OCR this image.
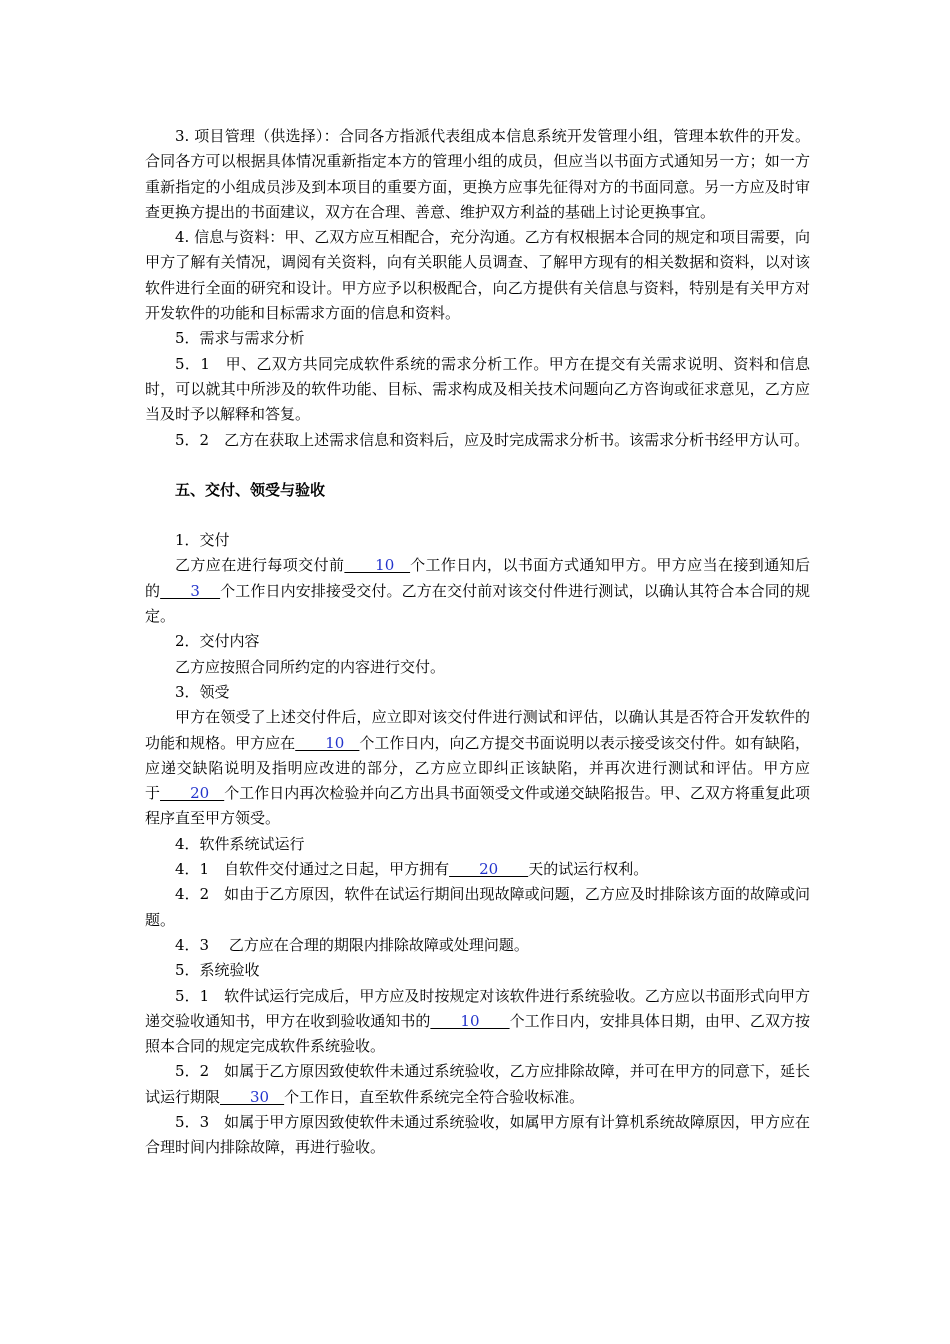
3. 项目管理（供选择）：合同各方指派代表组成本信息系统开发管理小组，管理本软件的开发。合同各方可以根据具体情况重新指定本方的管理小组的成员，但应当以书面方式通知另一方；如一方重新指定的小组成员涉及到本项目的重要方面，更换方应事先征得对方的书面同意。另一方应及时审查更换方提出的书面建议，双方在合理、善意、维护双方利益的基础上讨论更换事宜。

4. 信息与资料：甲、乙双方应互相配合，充分沟通。乙方有权根据本合同的规定和项目需要，向甲方了解有关情况，调阅有关资料，向有关职能人员调查、了解甲方现有的相关数据和资料，以对该软件进行全面的研究和设计。甲方应予以积极配合，向乙方提供有关信息与资料，特别是有关甲方对开发软件的功能和目标需求方面的信息和资料。

5．需求与需求分析

5．1　甲、乙双方共同完成软件系统的需求分析工作。甲方在提交有关需求说明、资料和信息时，可以就其中所涉及的软件功能、目标、需求构成及相关技术问题向乙方咨询或征求意见，乙方应当及时予以解释和答复。

5．2　乙方在获取上述需求信息和资料后，应及时完成需求分析书。该需求分析书经甲方认可。

五、交付、领受与验收

1．交付

乙方应在进行每项交付前　　10　个工作日内，以书面方式通知甲方。甲方应当在接到通知后的　　3　 个工作日内安排接受交付。乙方在交付前对该交付件进行测试，以确认其符合本合同的规定。

2．交付内容

乙方应按照合同所约定的内容进行交付。

3．领受

甲方在领受了上述交付件后，应立即对该交付件进行测试和评估，以确认其是否符合开发软件的功能和规格。甲方应在　　10　个工作日内，向乙方提交书面说明以表示接受该交付件。如有缺陷，应递交缺陷说明及指明应改进的部分，乙方应立即纠正该缺陷，并再次进行测试和评估。甲方应于　　20　个工作日内再次检验并向乙方出具书面领受文件或递交缺陷报告。甲、乙双方将重复此项程序直至甲方领受。

4．软件系统试运行

4．1　自软件交付通过之日起，甲方拥有　　20　　天的试运行权利。

4．2　如由于乙方原因，软件在试运行期间出现故障或问题，乙方应及时排除该方面的故障或问题。

4．3　 乙方应在合理的期限内排除故障或处理问题。

5．系统验收

5．1　软件试运行完成后，甲方应及时按规定对该软件进行系统验收。乙方应以书面形式向甲方递交验收通知书，甲方在收到验收通知书的　　10　　个工作日内，安排具体日期，由甲、乙双方按照本合同的规定完成软件系统验收。

5．2　如属于乙方原因致使软件未通过系统验收，乙方应排除故障，并可在甲方的同意下，延长试运行期限　　30　个工作日，直至软件系统完全符合验收标准。

5．3　如属于甲方原因致使软件未通过系统验收，如属甲方原有计算机系统故障原因，甲方应在合理时间内排除故障，再进行验收。
